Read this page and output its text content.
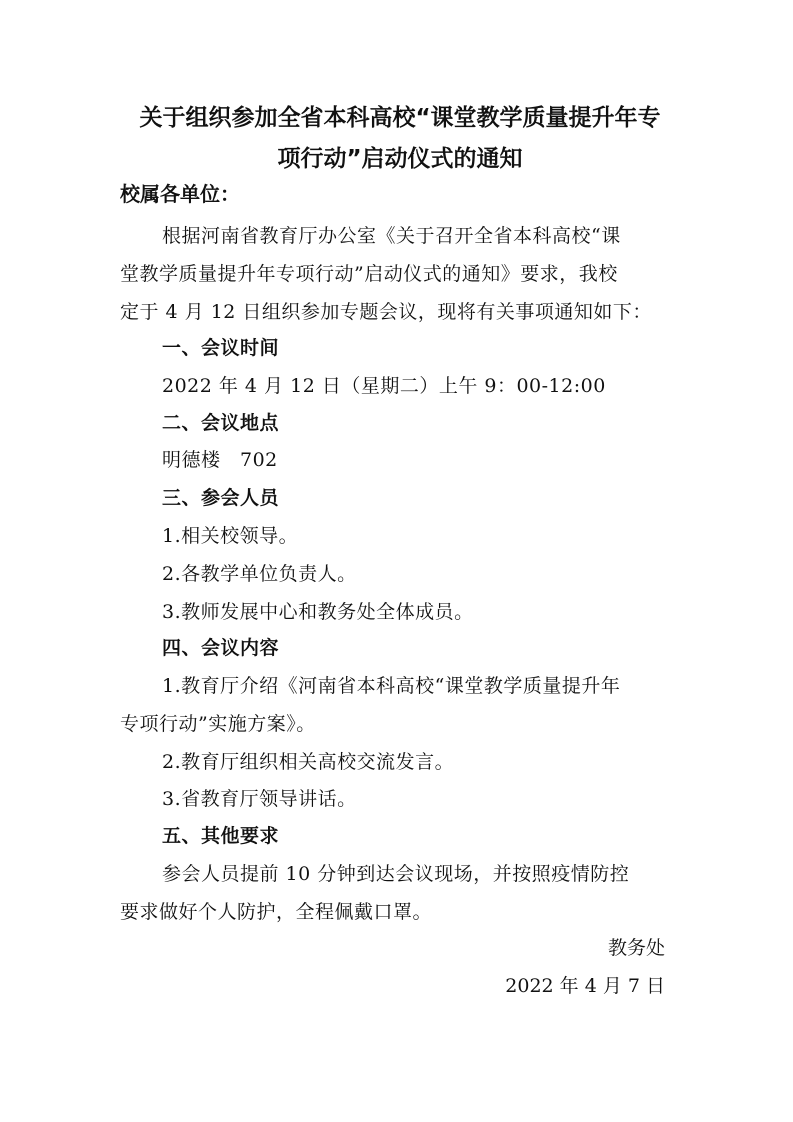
关于组织参加全省本科高校“课堂教学质量提升年专
项行动”启动仪式的通知
校属各单位：
根据河南省教育厅办公室《关于召开全省本科高校“课
堂教学质量提升年专项行动”启动仪式的通知》要求，我校
定于 4 月 12 日组织参加专题会议，现将有关事项通知如下：
一、会议时间
2022 年 4 月 12 日（星期二）上午 9：00-12:00
二、会议地点
明德楼　702
三、参会人员
1.相关校领导。
2.各教学单位负责人。
3.教师发展中心和教务处全体成员。
四、会议内容
1.教育厅介绍《河南省本科高校“课堂教学质量提升年
专项行动”实施方案》。
2.教育厅组织相关高校交流发言。
3.省教育厅领导讲话。
五、其他要求
参会人员提前 10 分钟到达会议现场，并按照疫情防控
要求做好个人防护，全程佩戴口罩。
教务处
2022 年 4 月 7 日
